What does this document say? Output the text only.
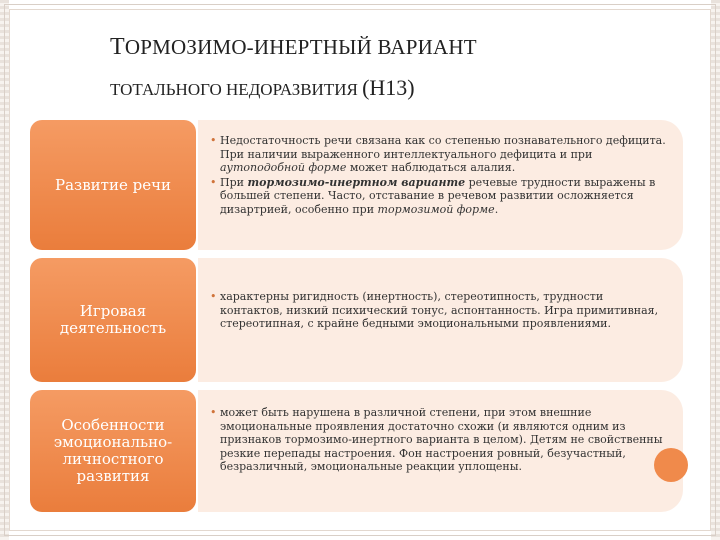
ТОРМОЗИМО-ИНЕРТНЫЙ ВАРИАНТ
ТОТАЛЬНОГО НЕДОРАЗВИТИЯ (Н13)
Развитие речи
• Недостаточность речи связана как со степенью познавательного дефицита. При наличии выраженного интеллектуального дефицита и при аутоподобной форме может наблюдаться алалия.
• При тормозимо-инертном варианте речевые трудности выражены в большей степени. Часто, отставание в речевом развитии осложняется дизартрией, особенно при тормозимой форме.
Игровая деятельность
• характерны ригидность (инертность), стереотипность, трудности контактов, низкий психический тонус, аспонтанность. Игра примитивная, стереотипная, с крайне бедными эмоциональными проявлениями.
Особенности эмоционально-личностного развития
• может быть нарушена в различной степени, при этом внешние эмоциональные проявления достаточно схожи (и являются одним из признаков тормозимо-инертного варианта в целом). Детям не свойственны резкие перепады настроения. Фон настроения ровный, безучастный, безразличный, эмоциональные реакции уплощены.
